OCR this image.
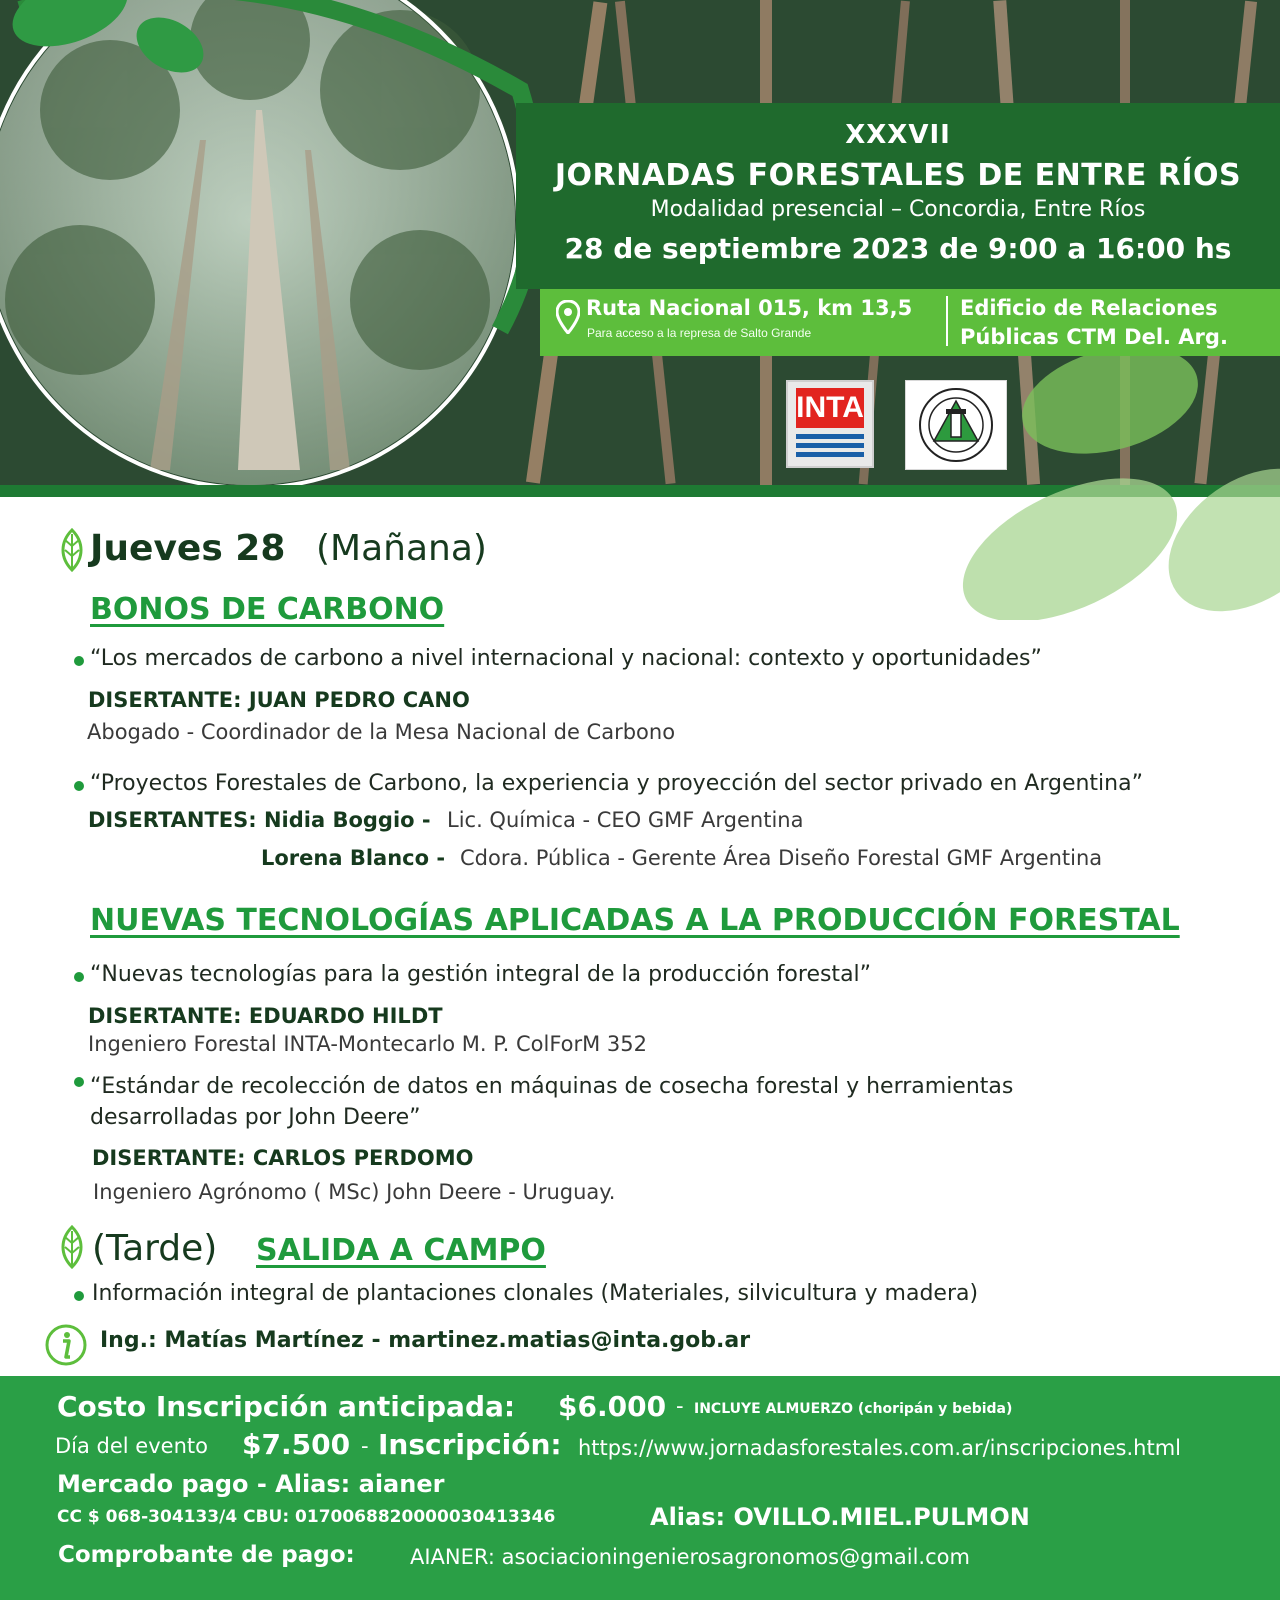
XXXVII
JORNADAS FORESTALES DE ENTRE RÍOS
Modalidad presencial – Concordia, Entre Ríos
28 de septiembre 2023 de 9:00 a 16:00 hs
Ruta Nacional 015, km 13,5
Para acceso a la represa de Salto Grande
Edificio de Relaciones
Públicas CTM Del. Arg.
INTA
Jueves 28 (Mañana)
BONOS DE CARBONO
“Los mercados de carbono a nivel internacional y nacional: contexto y oportunidades”
DISERTANTE: JUAN PEDRO CANO
Abogado - Coordinador de la Mesa Nacional de Carbono
“Proyectos Forestales de Carbono, la experiencia y proyección del sector privado en Argentina”
DISERTANTES: Nidia Boggio - Lic. Química - CEO GMF Argentina
Lorena Blanco - Cdora. Pública - Gerente Área Diseño Forestal GMF Argentina
NUEVAS TECNOLOGÍAS APLICADAS A LA PRODUCCIÓN FORESTAL
“Nuevas tecnologías para la gestión integral de la producción forestal”
DISERTANTE: EDUARDO HILDT
Ingeniero Forestal INTA-Montecarlo M. P. ColForM 352
“Estándar de recolección de datos en máquinas de cosecha forestal y herramientas
desarrolladas por John Deere”
DISERTANTE: CARLOS PERDOMO
Ingeniero Agrónomo ( MSc) John Deere - Uruguay.
(Tarde) SALIDA A CAMPO
Información integral de plantaciones clonales (Materiales, silvicultura y madera)
Ing.: Matías Martínez - martinez.matias@inta.gob.ar
Costo Inscripción anticipada: $6.000 - INCLUYE ALMUERZO (choripán y bebida)
Día del evento $7.500 - Inscripción: https://www.jornadasforestales.com.ar/inscripciones.html
Mercado pago - Alias: aianer
CC $ 068-304133/4 CBU: 0170068820000030413346	Alias: OVILLO.MIEL.PULMON
Comprobante de pago:	AIANER: asociacioningenierosagronomos@gmail.com
